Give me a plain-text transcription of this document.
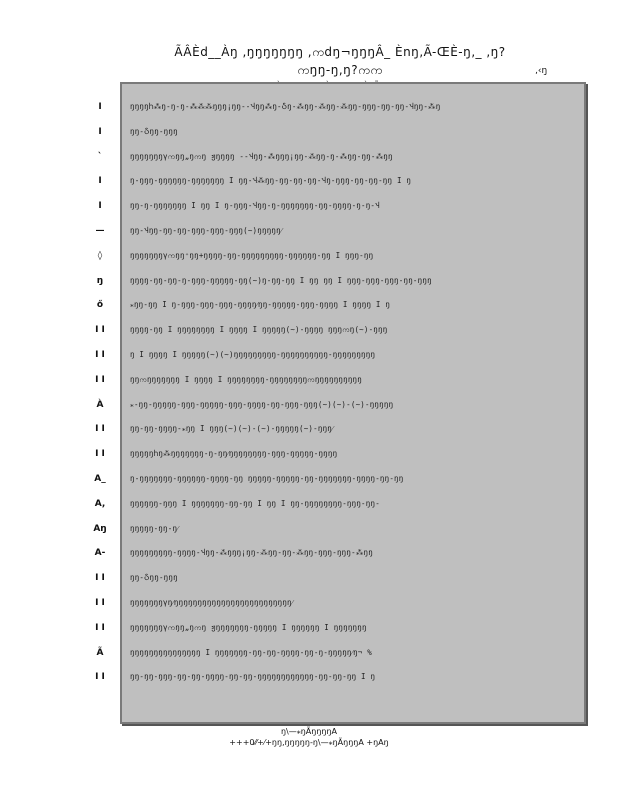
ÃÂÈd__Àŋ ,ŋŋŋŋŋŋŋ ,ကdŋ¬ŋŋŋÂ_ Ènŋ‚Ã-ŒÈ-ŋ‚_ ,ŋ?ကŋŋ-ŋ‚ŋ?ကက	‚‹ŋ
I
I
`
I
I
—
◊
ŋ
ő
I I
I I
I I
À
I I
I I
A_
A,
Aŋ
A-
I I
I I
I I
Ã
I I
ŋŋŋŋႹ⁂ŋ‑ŋ‑ŋ‑⁂⁂⁂ŋŋŋ¡ŋŋ‑-Ⴣŋŋ⁂ŋ-Ⴢŋ-⁂ŋŋ-⁂ŋŋ‑⁂ŋŋ-ŋŋŋ-ŋŋ‑ŋŋ‑Ⴣŋŋ‑⁂ŋ
ŋŋ-Ⴢŋŋ-ŋŋŋ
ŋŋŋŋŋŋŋγကŋŋ„ŋကŋ ჟŋŋŋŋ ‑-Ⴣŋŋ-⁂ŋŋŋ¡ŋŋ-⁂ŋŋ-ŋ-⁂ŋŋ-ŋŋ‑⁂ŋŋ
ŋ‑ŋŋŋ-ŋŋŋŋŋŋ-ŋŋŋŋŋŋŋ I ŋŋ‑Ⴣ⁂ŋŋ-ŋŋ-ŋŋ‑ŋŋ-Ⴣŋ-ŋŋŋ-ŋŋ‑ŋŋ-ŋŋ I ŋ
ŋŋ‑ŋ‑ŋŋŋŋŋŋŋ I ŋŋ I ŋ‑ŋŋŋ-Ⴣŋŋ-ŋ‑ŋŋŋŋŋŋŋ‑ŋŋ-ŋŋŋŋ-ŋ-ŋ-Ⴣ
ŋŋ-Ⴣŋŋ-ŋŋ-ŋŋ-ŋŋŋ‑ŋŋŋ-ŋŋŋ(~)ŋŋŋŋŋ⁄
ŋŋŋŋŋŋŋγကŋŋ⁺ŋŋ+ŋŋŋŋ-ŋŋ-ŋŋŋŋŋŋŋŋŋ-ŋŋŋŋŋŋ-ŋŋ I ŋŋŋ‑ŋŋ
ŋŋŋŋ-ŋŋ‑ŋŋ-ŋ‑ŋŋŋ‑ŋŋŋŋŋ-ŋŋ(~)ŋ-ŋŋ-ŋŋ I ŋŋ ŋŋ I ŋŋŋ-ŋŋŋ-ŋŋŋ-ŋŋ-ŋŋŋ
⁎ŋŋ-ŋŋ I ŋ‑ŋŋŋ-ŋŋŋ-ŋŋŋ-ŋŋŋŋ⁄ŋŋ-ŋŋŋŋŋ-ŋŋŋ-ŋŋŋŋ I ŋŋŋŋ I ŋ
ŋŋŋŋ-ŋŋ I ŋŋŋŋŋŋŋŋ I ŋŋŋŋ I ŋŋŋŋŋ(~)-ŋŋŋŋ ŋŋŋကŋ(~)-ŋŋŋ
ŋ I ŋŋŋŋ I ŋŋŋŋŋ(~)(~)ŋŋŋŋŋŋŋŋŋ-ŋŋŋŋŋŋŋŋŋŋ-ŋŋŋŋŋŋŋŋŋ
ŋŋကŋŋŋŋŋŋŋ I ŋŋŋŋ I ŋŋŋŋŋŋŋŋ-ŋŋŋŋŋŋŋŋကŋŋŋŋŋŋŋŋŋŋ
⁎-ŋŋ-ŋŋŋŋŋ-ŋŋŋ-ŋŋŋŋŋ-ŋŋŋ-ŋŋŋŋ-ŋŋ-ŋŋŋ-ŋŋŋ(~)(~)-(~)-ŋŋŋŋŋ
ŋŋ-ŋŋ-ŋŋŋŋ-⁎ŋŋ I ŋŋŋ(~)(~)-(~)-ŋŋŋŋŋ(~)-ŋŋŋ⁄
ŋŋŋŋŋႹŋ⁂ŋŋŋŋŋŋŋ-ŋ-ŋŋ⁄ŋŋŋŋŋŋŋŋ-ŋŋŋ-ŋŋŋŋŋ-ŋŋŋŋ
ŋ-ŋŋŋŋŋŋŋ-ŋŋŋŋŋŋ-ŋŋŋŋ-ŋŋ ŋŋŋŋŋ-ŋŋŋŋŋ-ŋŋ-ŋŋŋŋŋŋŋ-ŋŋŋŋ-ŋŋ-ŋŋ
ŋŋŋŋŋŋ‑ŋŋŋ I ŋŋŋŋŋŋŋ-ŋŋ-ŋŋ I ŋŋ I ŋŋ-ŋŋŋŋŋŋŋŋ-ŋŋŋ-ŋŋ-
ŋŋŋŋŋ-ŋŋ-ŋ⁄
ŋŋŋŋŋŋŋŋŋ‑ŋŋŋŋ-Ⴣŋŋ-⁂ŋŋŋ¡ŋŋ-⁂ŋŋ-ŋŋ-⁂ŋŋ-ŋŋŋ-ŋŋŋ-⁂ŋŋ
ŋŋ-Ⴢŋŋ-ŋŋŋ
ŋŋŋŋŋŋŋγŋ⁄ŋŋŋŋŋŋŋŋŋŋŋŋŋŋŋŋŋŋŋŋŋŋŋŋŋ⁄
ŋŋŋŋŋŋŋγကŋŋ„ŋကŋ ჟŋŋŋŋŋŋŋ-ŋŋŋŋŋ I ŋŋŋŋŋŋ I ŋŋŋŋŋŋŋ
ŋŋŋŋŋŋŋŋŋŋŋŋŋŋŋ I ŋŋŋŋŋŋŋ-ŋŋ-ŋŋ-ŋŋŋŋ-ŋŋ-ŋ-ŋŋŋŋŋ⁄ŋ¬ %
ŋŋ-ŋŋ-ŋŋŋ-ŋŋ-ŋŋ-ŋŋŋŋ-ŋŋ-ŋŋ-ŋŋŋŋŋŋŋŋŋŋŋŋ-ŋŋ-ŋŋ-ŋŋ I ŋ
ŋ\—⁎ŋÃŋŋŋŋA
+++0⁄⁄+⁄+ŋŋ‚ŋŋŋŋŋ‑ŋ\—⁎ŋÃŋŋŋA +ŋAŋ
